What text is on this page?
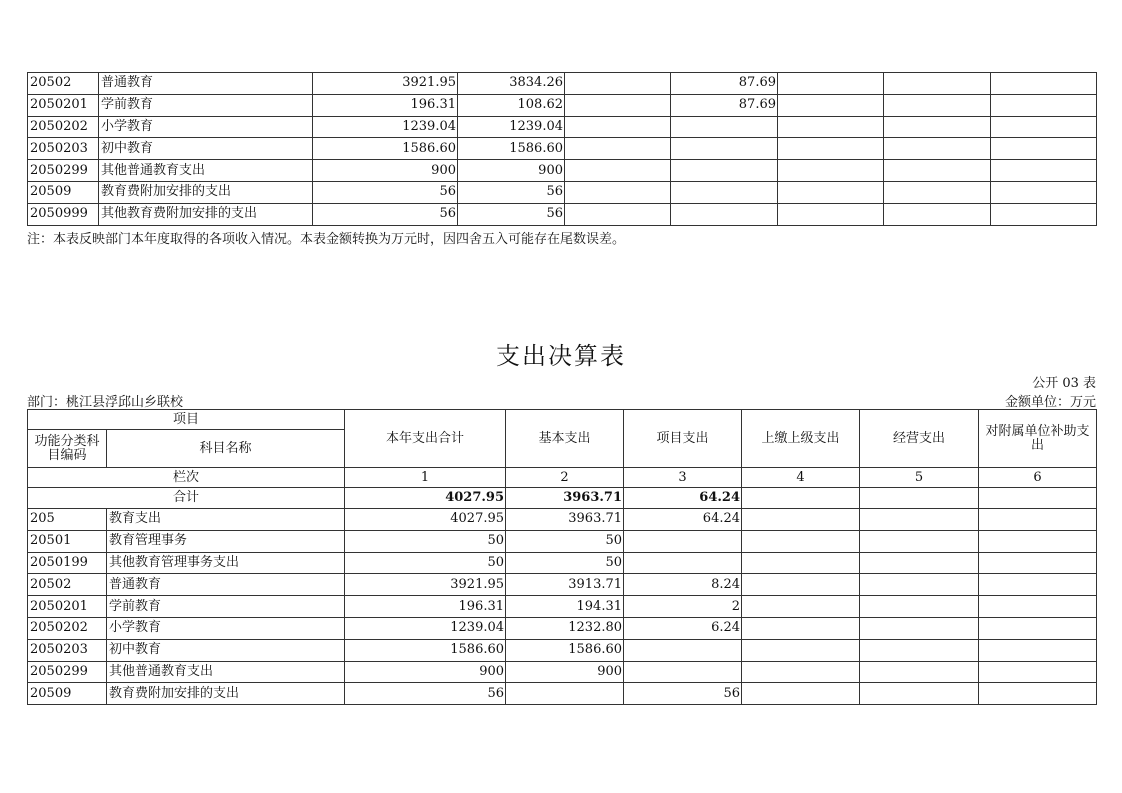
20502	普通教育	3921.95	3834.26		87.69			
2050201	学前教育	196.31	108.62		87.69			
2050202	小学教育	1239.04	1239.04					
2050203	初中教育	1586.60	1586.60					
2050299	其他普通教育支出	900	900					
20509	教育费附加安排的支出	56	56					
2050999	其他教育费附加安排的支出	56	56					
注：本表反映部门本年度取得的各项收入情况。本表金额转换为万元时，因四舍五入可能存在尾数误差。
支出决算表
公开 03 表
部门：桃江县浮邱山乡联校	金额单位：万元
项目		本年支出合计	基本支出	项目支出	上缴上级支出	经营支出	对附属单位补助支出
功能分类科目编码	科目名称						
栏次		1	2	3	4	5	6
合计		4027.95	3963.71	64.24			
205	教育支出	4027.95	3963.71	64.24			
20501	教育管理事务	50	50				
2050199	其他教育管理事务支出	50	50				
20502	普通教育	3921.95	3913.71	8.24			
2050201	学前教育	196.31	194.31	2			
2050202	小学教育	1239.04	1232.80	6.24			
2050203	初中教育	1586.60	1586.60				
2050299	其他普通教育支出	900	900				
20509	教育费附加安排的支出	56		56			
